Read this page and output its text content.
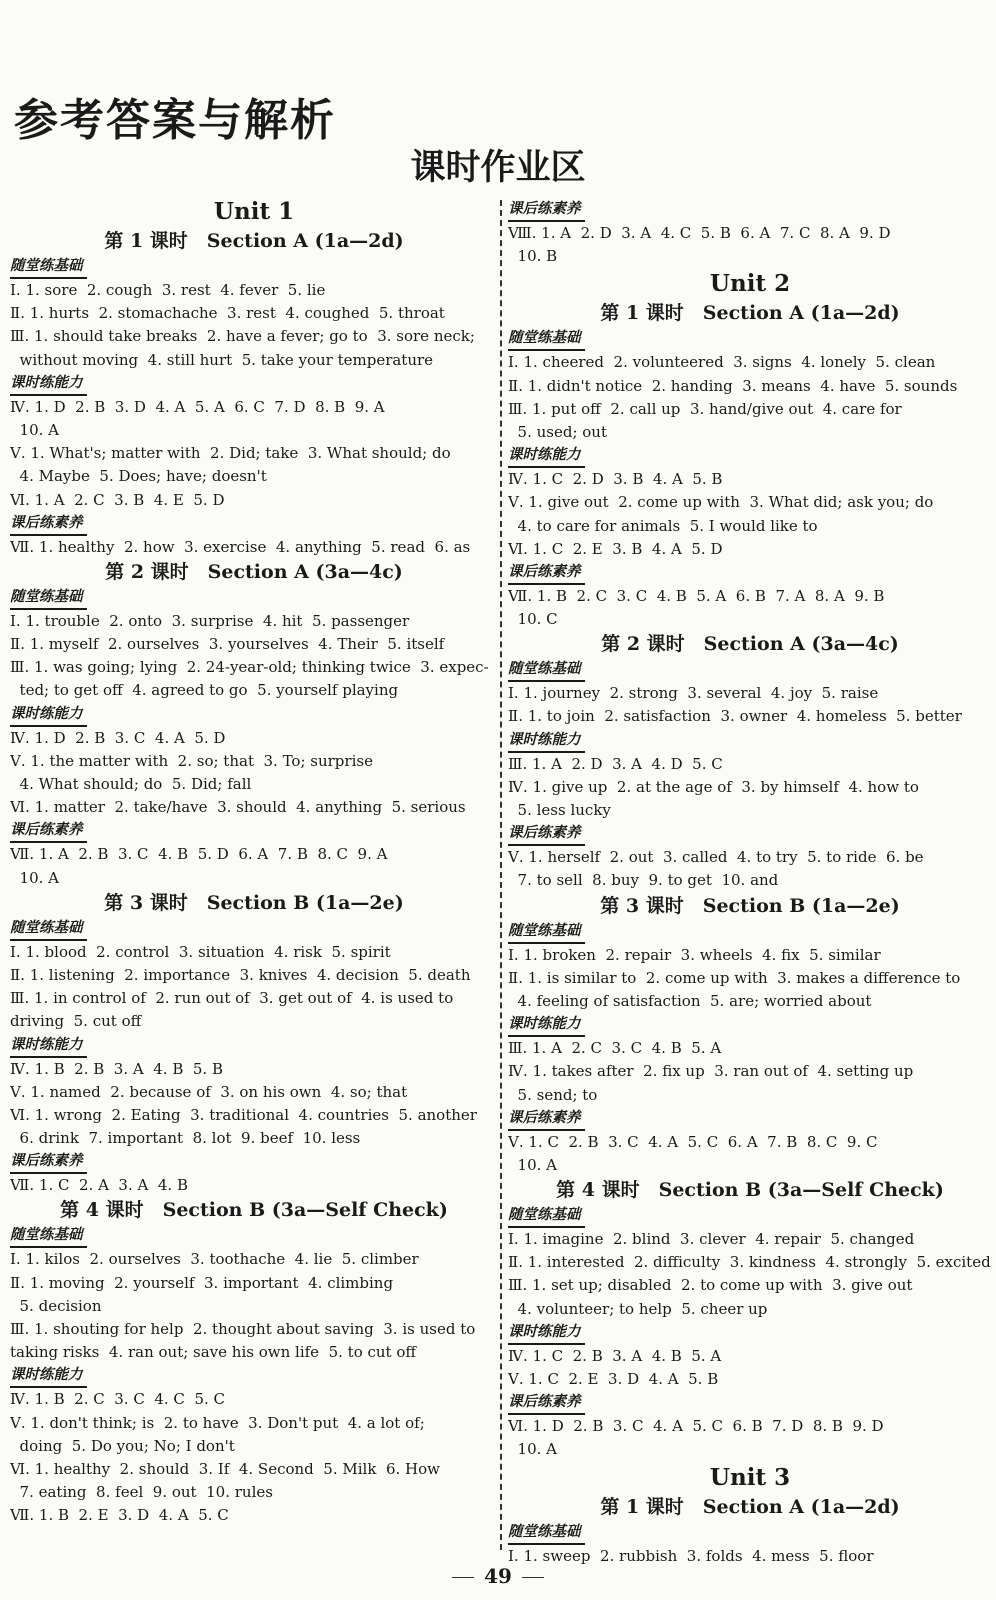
参考答案与解析
课时作业区
Unit 1
第 1 课时　Section A (1a—2d)
随堂练基础
Ⅰ. 1. sore  2. cough  3. rest  4. fever  5. lie
Ⅱ. 1. hurts  2. stomachache  3. rest  4. coughed  5. throat
Ⅲ. 1. should take breaks  2. have a fever; go to  3. sore neck;
without moving  4. still hurt  5. take your temperature
课时练能力
Ⅳ. 1. D  2. B  3. D  4. A  5. A  6. C  7. D  8. B  9. A
10. A
Ⅴ. 1. What's; matter with  2. Did; take  3. What should; do
4. Maybe  5. Does; have; doesn't
Ⅵ. 1. A  2. C  3. B  4. E  5. D
课后练素养
Ⅶ. 1. healthy  2. how  3. exercise  4. anything  5. read  6. as
第 2 课时　Section A (3a—4c)
随堂练基础
Ⅰ. 1. trouble  2. onto  3. surprise  4. hit  5. passenger
Ⅱ. 1. myself  2. ourselves  3. yourselves  4. Their  5. itself
Ⅲ. 1. was going; lying  2. 24-year-old; thinking twice  3. expec-
ted; to get off  4. agreed to go  5. yourself playing
课时练能力
Ⅳ. 1. D  2. B  3. C  4. A  5. D
Ⅴ. 1. the matter with  2. so; that  3. To; surprise
4. What should; do  5. Did; fall
Ⅵ. 1. matter  2. take/have  3. should  4. anything  5. serious
课后练素养
Ⅶ. 1. A  2. B  3. C  4. B  5. D  6. A  7. B  8. C  9. A
10. A
第 3 课时　Section B (1a—2e)
随堂练基础
Ⅰ. 1. blood  2. control  3. situation  4. risk  5. spirit
Ⅱ. 1. listening  2. importance  3. knives  4. decision  5. death
Ⅲ. 1. in control of  2. run out of  3. get out of  4. is used to
driving  5. cut off
课时练能力
Ⅳ. 1. B  2. B  3. A  4. B  5. B
Ⅴ. 1. named  2. because of  3. on his own  4. so; that
Ⅵ. 1. wrong  2. Eating  3. traditional  4. countries  5. another
6. drink  7. important  8. lot  9. beef  10. less
课后练素养
Ⅶ. 1. C  2. A  3. A  4. B
第 4 课时　Section B (3a—Self Check)
随堂练基础
Ⅰ. 1. kilos  2. ourselves  3. toothache  4. lie  5. climber
Ⅱ. 1. moving  2. yourself  3. important  4. climbing
5. decision
Ⅲ. 1. shouting for help  2. thought about saving  3. is used to
taking risks  4. ran out; save his own life  5. to cut off
课时练能力
Ⅳ. 1. B  2. C  3. C  4. C  5. C
Ⅴ. 1. don't think; is  2. to have  3. Don't put  4. a lot of;
doing  5. Do you; No; I don't
Ⅵ. 1. healthy  2. should  3. If  4. Second  5. Milk  6. How
7. eating  8. feel  9. out  10. rules
Ⅶ. 1. B  2. E  3. D  4. A  5. C
课后练素养
Ⅷ. 1. A  2. D  3. A  4. C  5. B  6. A  7. C  8. A  9. D
10. B
Unit 2
第 1 课时　Section A (1a—2d)
随堂练基础
Ⅰ. 1. cheered  2. volunteered  3. signs  4. lonely  5. clean
Ⅱ. 1. didn't notice  2. handing  3. means  4. have  5. sounds
Ⅲ. 1. put off  2. call up  3. hand/give out  4. care for
5. used; out
课时练能力
Ⅳ. 1. C  2. D  3. B  4. A  5. B
Ⅴ. 1. give out  2. come up with  3. What did; ask you; do
4. to care for animals  5. I would like to
Ⅵ. 1. C  2. E  3. B  4. A  5. D
课后练素养
Ⅶ. 1. B  2. C  3. C  4. B  5. A  6. B  7. A  8. A  9. B
10. C
第 2 课时　Section A (3a—4c)
随堂练基础
Ⅰ. 1. journey  2. strong  3. several  4. joy  5. raise
Ⅱ. 1. to join  2. satisfaction  3. owner  4. homeless  5. better
课时练能力
Ⅲ. 1. A  2. D  3. A  4. D  5. C
Ⅳ. 1. give up  2. at the age of  3. by himself  4. how to
5. less lucky
课后练素养
Ⅴ. 1. herself  2. out  3. called  4. to try  5. to ride  6. be
7. to sell  8. buy  9. to get  10. and
第 3 课时　Section B (1a—2e)
随堂练基础
Ⅰ. 1. broken  2. repair  3. wheels  4. fix  5. similar
Ⅱ. 1. is similar to  2. come up with  3. makes a difference to
4. feeling of satisfaction  5. are; worried about
课时练能力
Ⅲ. 1. A  2. C  3. C  4. B  5. A
Ⅳ. 1. takes after  2. fix up  3. ran out of  4. setting up
5. send; to
课后练素养
Ⅴ. 1. C  2. B  3. C  4. A  5. C  6. A  7. B  8. C  9. C
10. A
第 4 课时　Section B (3a—Self Check)
随堂练基础
Ⅰ. 1. imagine  2. blind  3. clever  4. repair  5. changed
Ⅱ. 1. interested  2. difficulty  3. kindness  4. strongly  5. excited
Ⅲ. 1. set up; disabled  2. to come up with  3. give out
4. volunteer; to help  5. cheer up
课时练能力
Ⅳ. 1. C  2. B  3. A  4. B  5. A
Ⅴ. 1. C  2. E  3. D  4. A  5. B
课后练素养
Ⅵ. 1. D  2. B  3. C  4. A  5. C  6. B  7. D  8. B  9. D
10. A
Unit 3
第 1 课时　Section A (1a—2d)
随堂练基础
Ⅰ. 1. sweep  2. rubbish  3. folds  4. mess  5. floor
49
